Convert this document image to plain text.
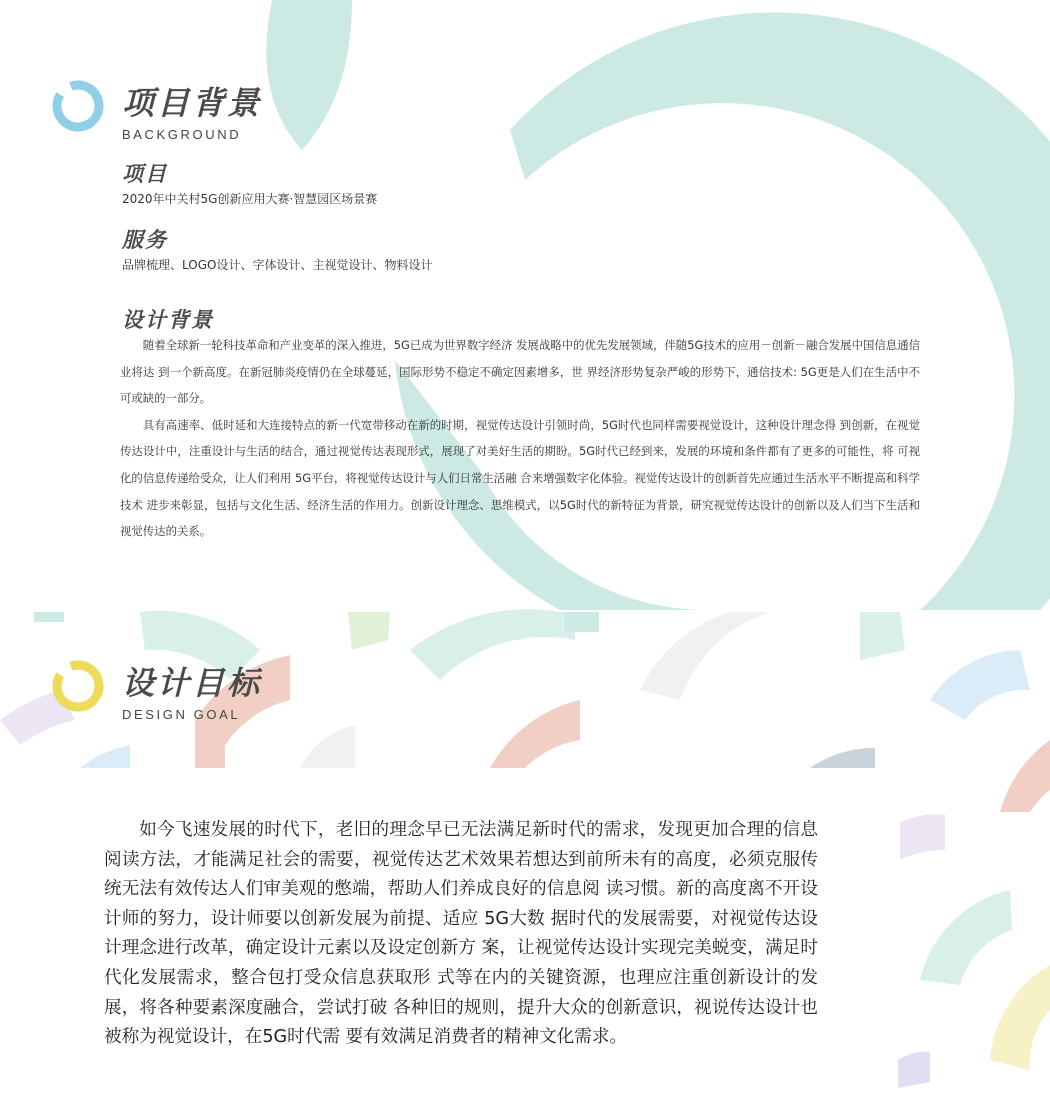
项目背景
BACKGROUND
项目
2020年中关村5G创新应用大赛·智慧园区场景赛
服务
品牌梳理、LOGO设计、字体设计、主视觉设计、物料设计
设计背景

随着全球新一轮科技革命和产业变革的深入推进，5G已成为世界数字经济 发展战略中的优先发展领域，伴随5G技术的应用－创新－融合发展中国信息通信业将达 到一个新高度。在新冠肺炎疫情仍在全球蔓延，国际形势不稳定不确定因素增多，世 界经济形势复杂严峻的形势下，通信技术: 5G更是人们在生活中不可或缺的一部分。

具有高速率、低时延和大连接特点的新一代宽带移动在新的时期，视觉传达设计引领时尚，5G时代也同样需要视觉设计，这种设计理念得 到创新，在视觉传达设计中，注重设计与生活的结合，通过视觉传达表现形式，展现了对美好生活的期盼。5G时代已经到来，发展的环境和条件都有了更多的可能性，将 可视化的信息传递给受众，让人们利用 5G平台，将视觉传达设计与人们日常生活融 合来增强数字化体验。视觉传达设计的创新首先应通过生活水平不断提高和科学技术 进步来彰显，包括与文化生活、经济生活的作用力。创新设计理念、思维模式，以5G时代的新特征为背景，研究视觉传达设计的创新以及人们当下生活和视觉传达的关系。

设计目标
DESIGN GOAL

如今飞速发展的时代下，老旧的理念早已无法满足新时代的需求，发现更加合理的信息阅读方法，才能满足社会的需要，视觉传达艺术效果若想达到前所未有的高度，必须克服传统无法有效传达人们审美观的憋端，帮助人们养成良好的信息阅 读习惯。新的高度离不开设计师的努力，设计师要以创新发展为前提、适应 5G大数 据时代的发展需要，对视觉传达设计理念进行改革，确定设计元素以及设定创新方 案，让视觉传达设计实现完美蜕变，满足时代化发展需求，整合包打受众信息获取形 式等在内的关键资源，也理应注重创新设计的发展，将各种要素深度融合，尝试打破 各种旧的规则，提升大众的创新意识，视说传达设计也被称为视觉设计，在5G时代需 要有效满足消费者的精神文化需求。
